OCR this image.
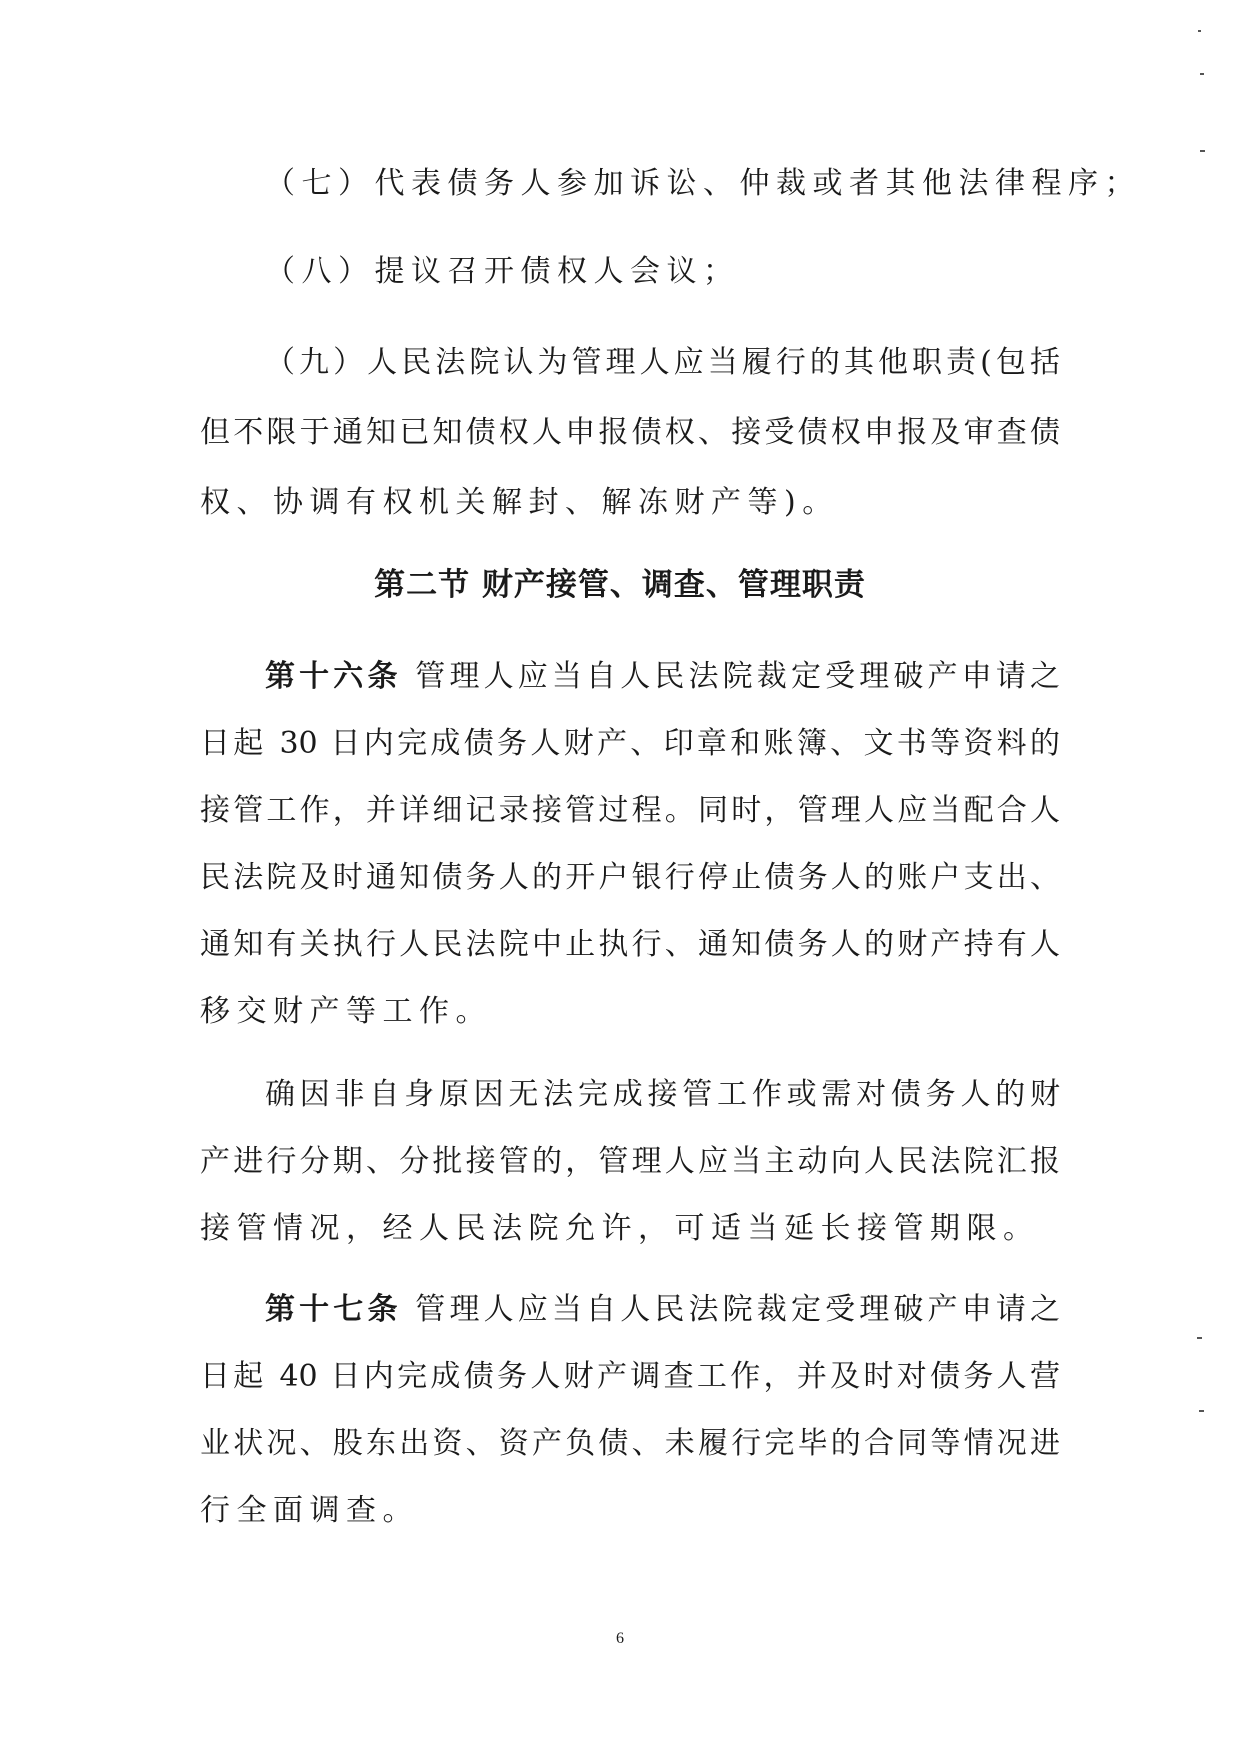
（七）代表债务人参加诉讼、仲裁或者其他法律程序；
（八）提议召开债权人会议；
（九）人民法院认为管理人应当履行的其他职责(包括
但不限于通知已知债权人申报债权、接受债权申报及审查债
权、协调有权机关解封、解冻财产等)。
第二节 财产接管、调查、管理职责
第十六条 管理人应当自人民法院裁定受理破产申请之
日起 30 日内完成债务人财产、印章和账簿、文书等资料的
接管工作，并详细记录接管过程。同时，管理人应当配合人
民法院及时通知债务人的开户银行停止债务人的账户支出、
通知有关执行人民法院中止执行、通知债务人的财产持有人
移交财产等工作。
确因非自身原因无法完成接管工作或需对债务人的财
产进行分期、分批接管的，管理人应当主动向人民法院汇报
接管情况，经人民法院允许，可适当延长接管期限。
第十七条 管理人应当自人民法院裁定受理破产申请之
日起 40 日内完成债务人财产调查工作，并及时对债务人营
业状况、股东出资、资产负债、未履行完毕的合同等情况进
行全面调查。
6
